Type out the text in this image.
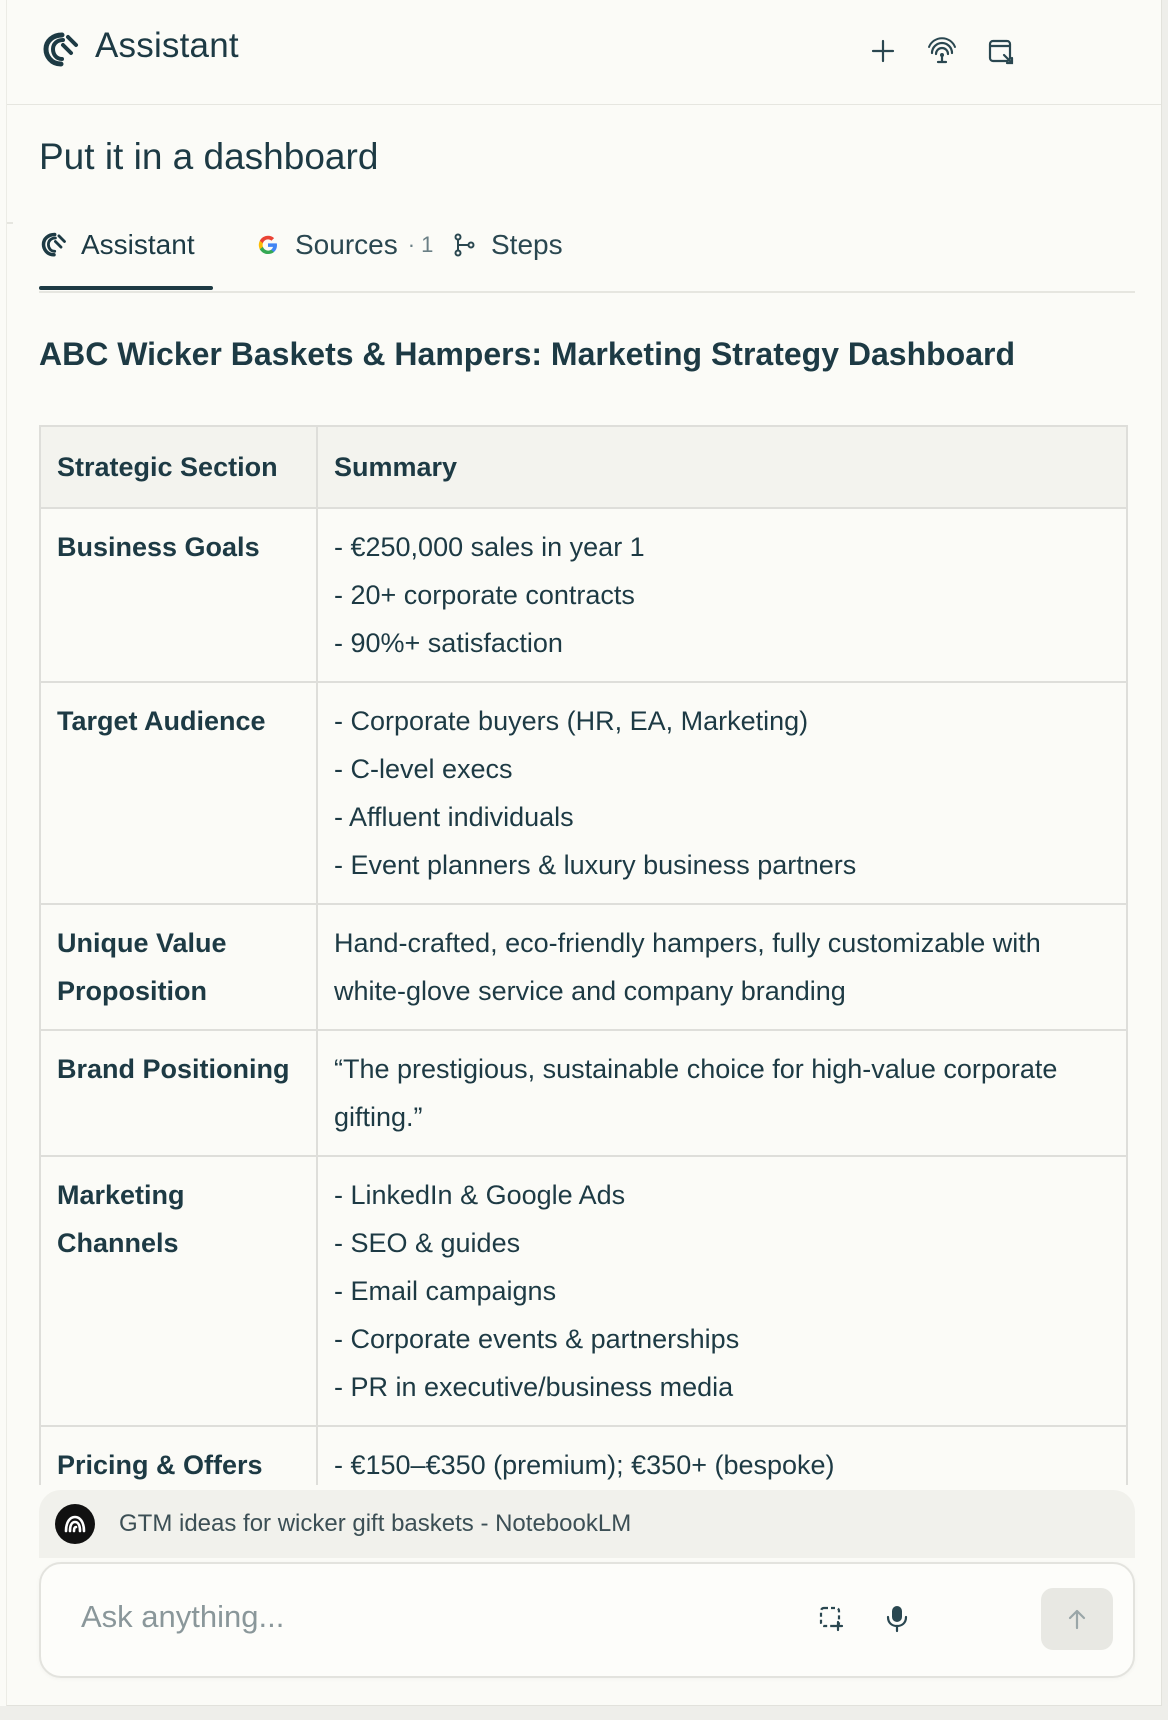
Assistant
Put it in a dashboard
Assistant	Sources · 1 Steps
ABC Wicker Baskets & Hampers: Marketing Strategy Dashboard
Strategic Section	Summary
Business Goals	- €250,000 sales in year 1
- 20+ corporate contracts
- 90%+ satisfaction

Target Audience	- Corporate buyers (HR, EA, Marketing)
- C-level execs
- Affluent individuals
- Event planners & luxury business partners

Unique Value Proposition	Hand-crafted, eco-friendly hampers, fully customizable with white-glove service and company branding
Brand Positioning	“The prestigious, sustainable choice for high-value corporate gifting.”
Marketing Channels	- LinkedIn & Google Ads
- SEO & guides
- Email campaigns
- Corporate events & partnerships
- PR in executive/business media

Pricing & Offers	- €150–€350 (premium); €350+ (bespoke)
GTM ideas for wicker gift baskets - NotebookLM
Ask anything...
